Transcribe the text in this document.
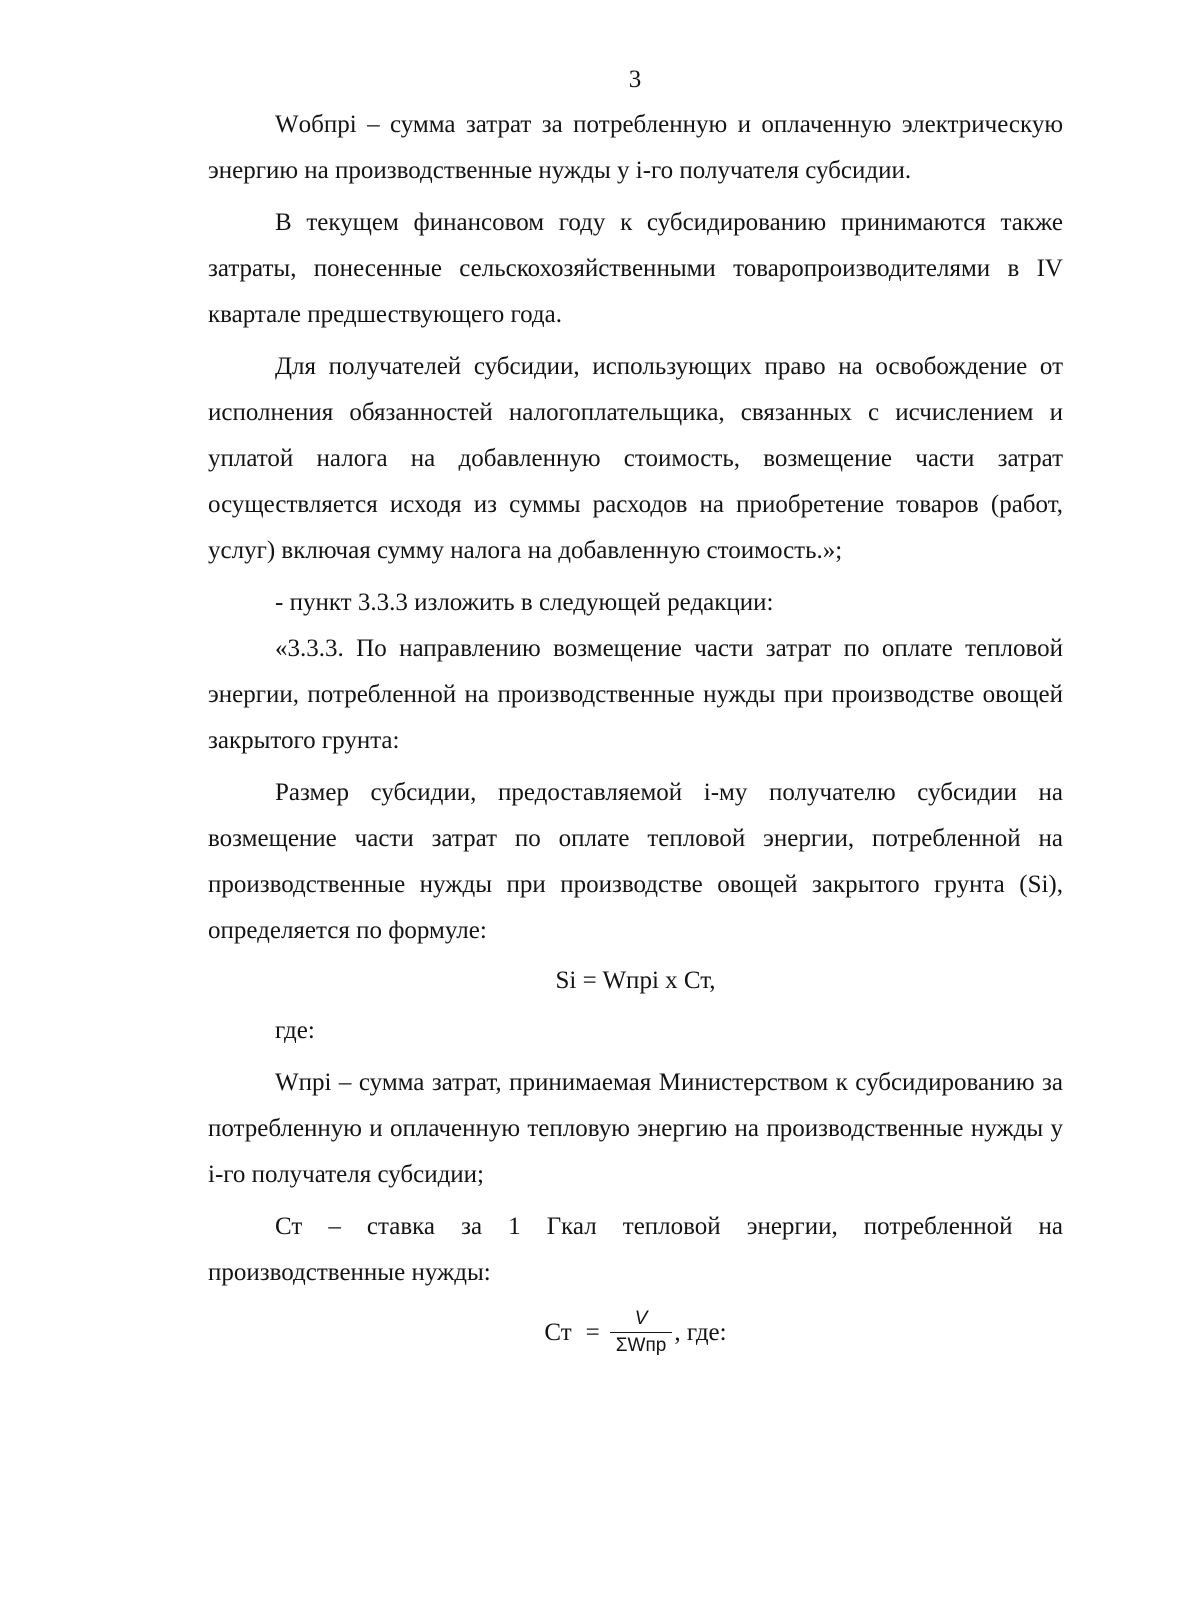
3

Wобпрi – сумма затрат за потребленную и оплаченную электрическую энергию на производственные нужды у i-го получателя субсидии.

В текущем финансовом году к субсидированию принимаются также затраты, понесенные сельскохозяйственными товаропроизводителями в IV квартале предшествующего года.

Для получателей субсидии, использующих право на освобождение от исполнения обязанностей налогоплательщика, связанных с исчислением и уплатой налога на добавленную стоимость, возмещение части затрат осуществляется исходя из суммы расходов на приобретение товаров (работ, услуг) включая сумму налога на добавленную стоимость.»;

- пункт 3.3.3 изложить в следующей редакции:

«3.3.3. По направлению возмещение части затрат по оплате тепловой энергии, потребленной на производственные нужды при производстве овощей закрытого грунта:

Размер субсидии, предоставляемой i-му получателю субсидии на возмещение части затрат по оплате тепловой энергии, потребленной на производственные нужды при производстве овощей закрытого грунта (Si), определяется по формуле:

Si = Wпрi х Ст,

где:

Wпрi – сумма затрат, принимаемая Министерством к субсидированию за потребленную и оплаченную тепловую энергию на производственные нужды у i-го получателя субсидии;

Ст – ставка за 1 Гкал тепловой энергии, потребленной на производственные нужды:

Ст = $\frac{V}{\text{ΣWпр}}$ , где:
